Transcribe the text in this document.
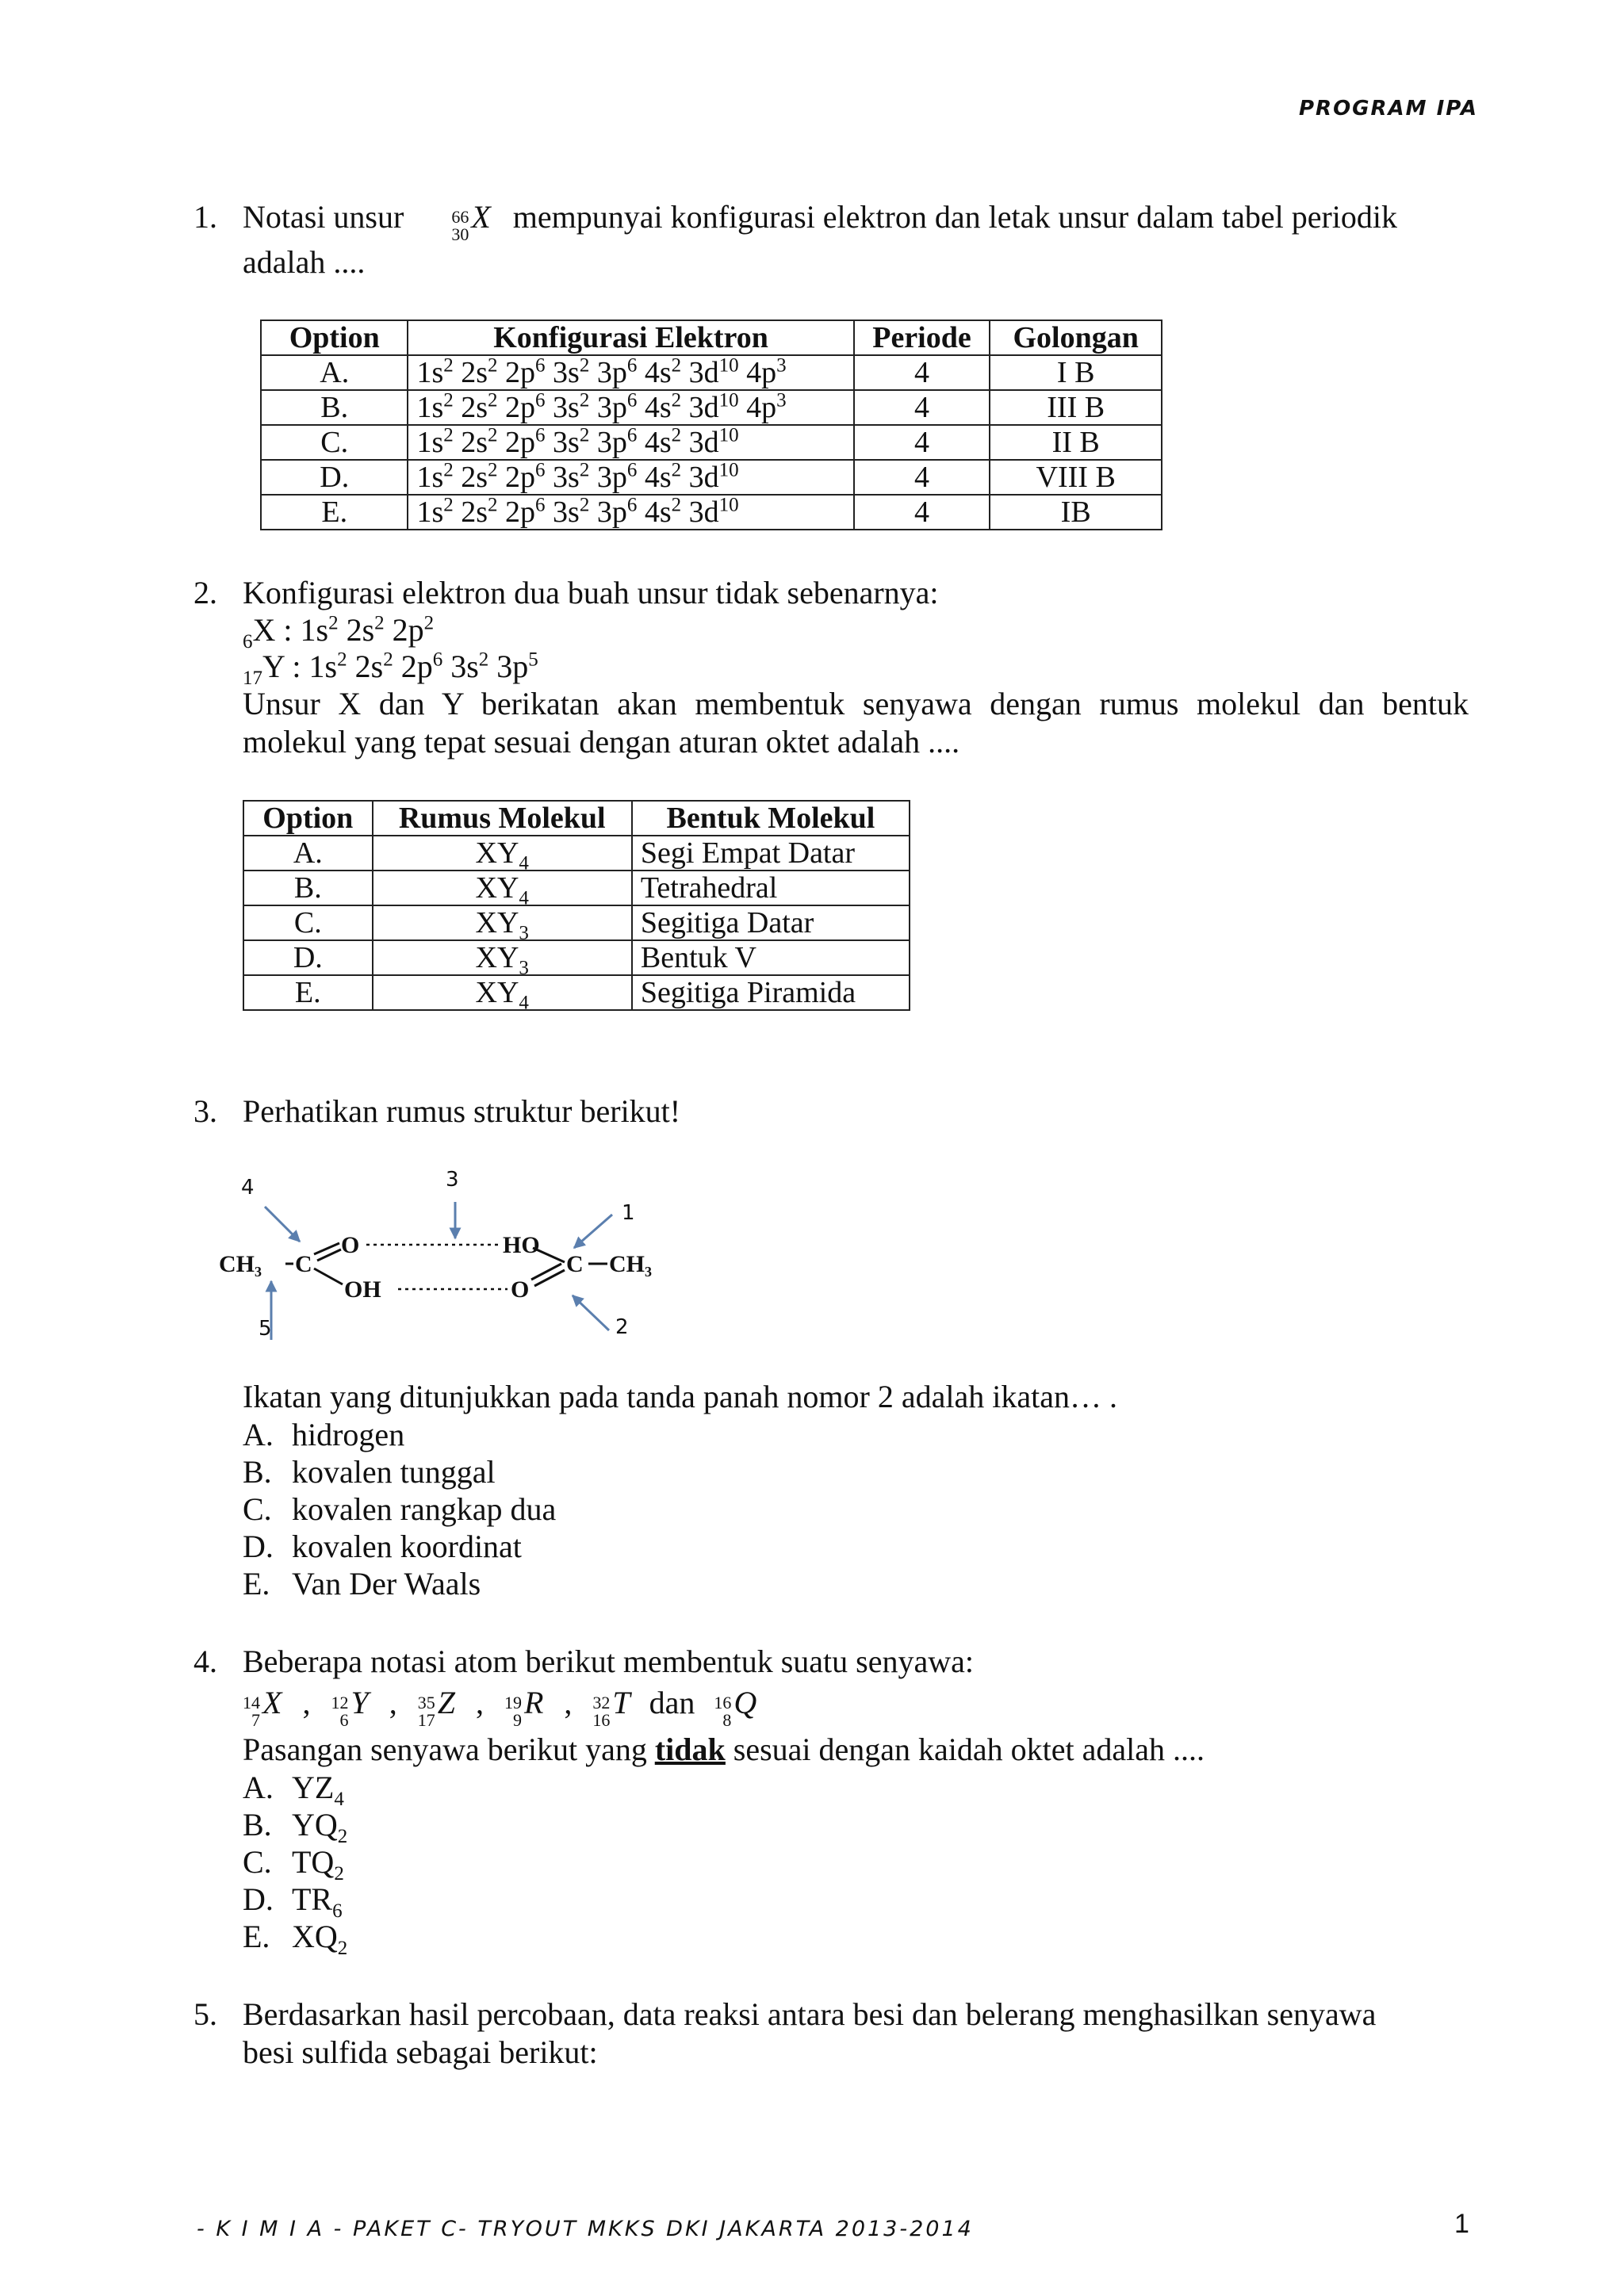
PROGRAM IPA
1. Notasi unsur	66
30 X mempunyai konfigurasi elektron dan letak unsur dalam tabel periodik
adalah ....
Option	Konfigurasi Elektron	Periode	Golongan
A.	$1s^2$ $2s^2$ $2p^6$ $3s^2$ $3p^6$ $4s^2$ $3d^{10}$ $4p^3$	4	I B
B.	$1s^2$ $2s^2$ $2p^6$ $3s^2$ $3p^6$ $4s^2$ $3d^{10}$ $4p^3$	4	III B
C.	$1s^2$ $2s^2$ $2p^6$ $3s^2$ $3p^6$ $4s^2$ $3d^{10}$	4	II B
D.	$1s^2$ $2s^2$ $2p^6$ $3s^2$ $3p^6$ $4s^2$ $3d^{10}$	4	VIII B
E.	$1s^2$ $2s^2$ $2p^6$ $3s^2$ $3p^6$ $4s^2$ $3d^{10}$	4	IB
2. Konfigurasi elektron dua buah unsur tidak sebenarnya:
$_6$X : $1s^2$ $2s^2$ $2p^2$
$_{17}$Y : $1s^2$ $2s^2$ $2p^6$ $3s^2$ $3p^5$
Unsur X dan Y berikatan akan membentuk senyawa dengan rumus molekul dan bentuk
molekul yang tepat sesuai dengan aturan oktet adalah ....
Option	Rumus Molekul	Bentuk Molekul
A.	$XY_4$	Segi Empat Datar
B.	$XY_4$	Tetrahedral
C.	$XY_3$	Segitiga Datar
D.	$XY_3$	Bentuk V
E.	$XY_4$	Segitiga Piramida
3. Perhatikan rumus struktur berikut!
$CH_3$ C
O
OH
HO
O
C $CH_3$
4	3
1
2
5
Ikatan yang ditunjukkan pada tanda panah nomor 2 adalah ikatan… .
A. hidrogen
B. kovalen tunggal
C. kovalen rangkap dua
D. kovalen koordinat
E. Van Der Waals
4. Beberapa notasi atom berikut membentuk suatu senyawa:
14
7 X , 12
6 Y , 35
17 Z , 19
9 R , 32
16 T dan 16
8 Q
Pasangan senyawa berikut yang tidak sesuai dengan kaidah oktet adalah ....
A. $YZ_4$
B. $YQ_2$
C. $TQ_2$
D. $TR_6$
E. $XQ_2$
5. Berdasarkan hasil percobaan, data reaksi antara besi dan belerang menghasilkan senyawa
besi sulfida sebagai berikut:
- K I M I A - PAKET C- TRYOUT MKKS DKI JAKARTA 2013-2014	1
